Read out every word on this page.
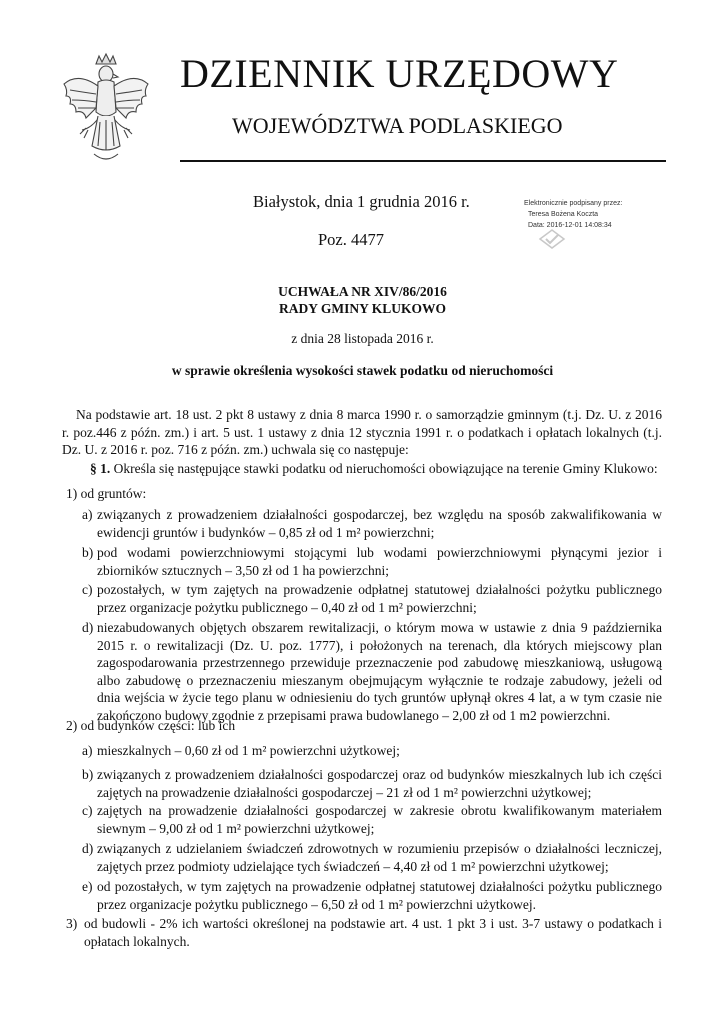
DZIENNIK URZĘDOWY
WOJEWÓDZTWA PODLASKIEGO
Białystok, dnia 1 grudnia 2016 r.
Poz. 4477
Elektronicznie podpisany przez:
Teresa Bożena Koczta
Data: 2016-12-01 14:08:34
UCHWAŁA NR XIV/86/2016
RADY GMINY KLUKOWO
z dnia 28 listopada 2016 r.
w sprawie określenia wysokości stawek podatku od nieruchomości
Na podstawie art. 18 ust. 2 pkt 8 ustawy z dnia 8 marca 1990 r. o samorządzie gminnym (t.j. Dz. U. z 2016 r. poz.446 z późn. zm.) i art. 5 ust. 1 ustawy z dnia 12 stycznia 1991 r. o podatkach i opłatach lokalnych (t.j. Dz. U. z 2016 r. poz. 716 z późn. zm.) uchwala się co następuje:
§ 1. Określa się następujące stawki podatku od nieruchomości obowiązujące na terenie Gminy Klukowo:
1) od gruntów:
a) związanych z prowadzeniem działalności gospodarczej, bez względu na sposób zakwalifikowania w ewidencji gruntów i budynków – 0,85 zł od 1 m² powierzchni;
b) pod wodami powierzchniowymi stojącymi lub wodami powierzchniowymi płynącymi jezior i zbiorników sztucznych – 3,50 zł od 1 ha powierzchni;
c) pozostałych, w tym zajętych na prowadzenie odpłatnej statutowej działalności pożytku publicznego przez organizacje pożytku publicznego – 0,40 zł od 1 m² powierzchni;
d) niezabudowanych objętych obszarem rewitalizacji, o którym mowa w ustawie z dnia 9 października 2015 r. o rewitalizacji (Dz. U. poz. 1777), i położonych na terenach, dla których miejscowy plan zagospodarowania przestrzennego przewiduje przeznaczenie pod zabudowę mieszkaniową, usługową albo zabudowę o przeznaczeniu mieszanym obejmującym wyłącznie te rodzaje zabudowy, jeżeli od dnia wejścia w życie tego planu w odniesieniu do tych gruntów upłynął okres 4 lat, a w tym czasie nie zakończono budowy zgodnie z przepisami prawa budowlanego – 2,00 zł od 1 m2 powierzchni.
2) od budynków części: lub ich
a) mieszkalnych – 0,60 zł od 1 m² powierzchni użytkowej;
b) związanych z prowadzeniem działalności gospodarczej oraz od budynków mieszkalnych lub ich części zajętych na prowadzenie działalności gospodarczej – 21 zł od 1 m² powierzchni użytkowej;
c) zajętych na prowadzenie działalności gospodarczej w zakresie obrotu kwalifikowanym materiałem siewnym – 9,00 zł od 1 m² powierzchni użytkowej;
d) związanych z udzielaniem świadczeń zdrowotnych w rozumieniu przepisów o działalności leczniczej, zajętych przez podmioty udzielające tych świadczeń – 4,40 zł od 1 m² powierzchni użytkowej;
e) od pozostałych, w tym zajętych na prowadzenie odpłatnej statutowej działalności pożytku publicznego przez organizacje pożytku publicznego – 6,50 zł od 1 m² powierzchni użytkowej.
3) od budowli - 2% ich wartości określonej na podstawie art. 4 ust. 1 pkt 3 i ust. 3-7 ustawy o podatkach i opłatach lokalnych.
